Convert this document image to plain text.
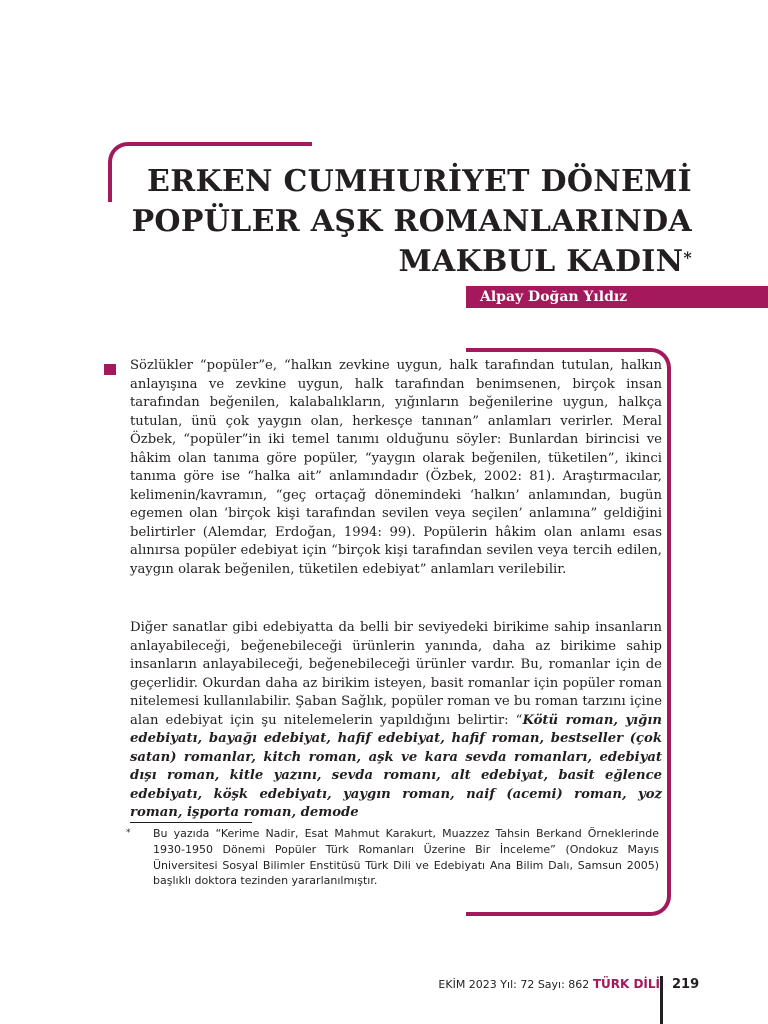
ERKEN CUMHURİYET DÖNEMİ
POPÜLER AŞK ROMANLARINDA
MAKBUL KADIN*
Alpay Doğan Yıldız

Sözlükler “popüler”e, “halkın zevkine uygun, halk tarafından tutulan, halkın anlayışına ve zevkine uygun, halk tarafından benimsenen, birçok insan tarafından beğenilen, kalabalıkların, yığınların beğenilerine uygun, halkça tutulan, ünü çok yaygın olan, herkesçe tanınan” anlamları verirler. Meral Özbek, “popüler”in iki temel tanımı olduğunu söyler: Bunlardan birincisi ve hâkim olan tanıma göre popüler, “yaygın olarak beğenilen, tüketilen”, ikinci tanıma göre ise “halka ait” anlamındadır (Özbek, 2002: 81). Araştırmacılar, kelimenin/kavramın, “geç ortaçağ dönemindeki ‘halkın’ anlamından, bugün egemen olan ‘birçok kişi tarafından sevilen veya seçilen’ anlamına” geldiğini belirtirler (Alemdar, Erdoğan, 1994: 99). Popülerin hâkim olan anlamı esas alınırsa popüler edebiyat için “birçok kişi tarafından sevilen veya tercih edilen, yaygın olarak beğenilen, tüketilen edebiyat” anlamları verilebilir.

Diğer sanatlar gibi edebiyatta da belli bir seviyedeki birikime sahip insanların anlayabileceği, beğenebileceği ürünlerin yanında, daha az birikime sahip insanların anlayabileceği, beğenebileceği ürünler vardır. Bu, romanlar için de geçerlidir. Okurdan daha az birikim isteyen, basit romanlar için popüler roman nitelemesi kullanılabilir. Şaban Sağlık, popüler roman ve bu roman tarzını içine alan edebiyat için şu nitelemelerin yapıldığını belirtir: “Kötü roman, yığın edebiyatı, bayağı edebiyat, hafif edebiyat, hafif roman, bestseller (çok satan) romanlar, kitch roman, aşk ve kara sevda romanları, edebiyat dışı roman, kitle yazını, sevda romanı, alt edebiyat, basit eğlence edebiyatı, köşk edebiyatı, yaygın roman, naif (acemi) roman, yoz roman, işporta roman, demode

* Bu yazıda “Kerime Nadir, Esat Mahmut Karakurt, Muazzez Tahsin Berkand Örneklerinde 1930-1950 Dönemi Popüler Türk Romanları Üzerine Bir İnceleme” (Ondokuz Mayıs Üniversitesi Sosyal Bilimler Enstitüsü Türk Dili ve Edebiyatı Ana Bilim Dalı, Samsun 2005) başlıklı doktora tezinden yararlanılmıştır.

EKİM 2023 Yıl: 72 Sayı: 862 TÜRK DİLİ 219
